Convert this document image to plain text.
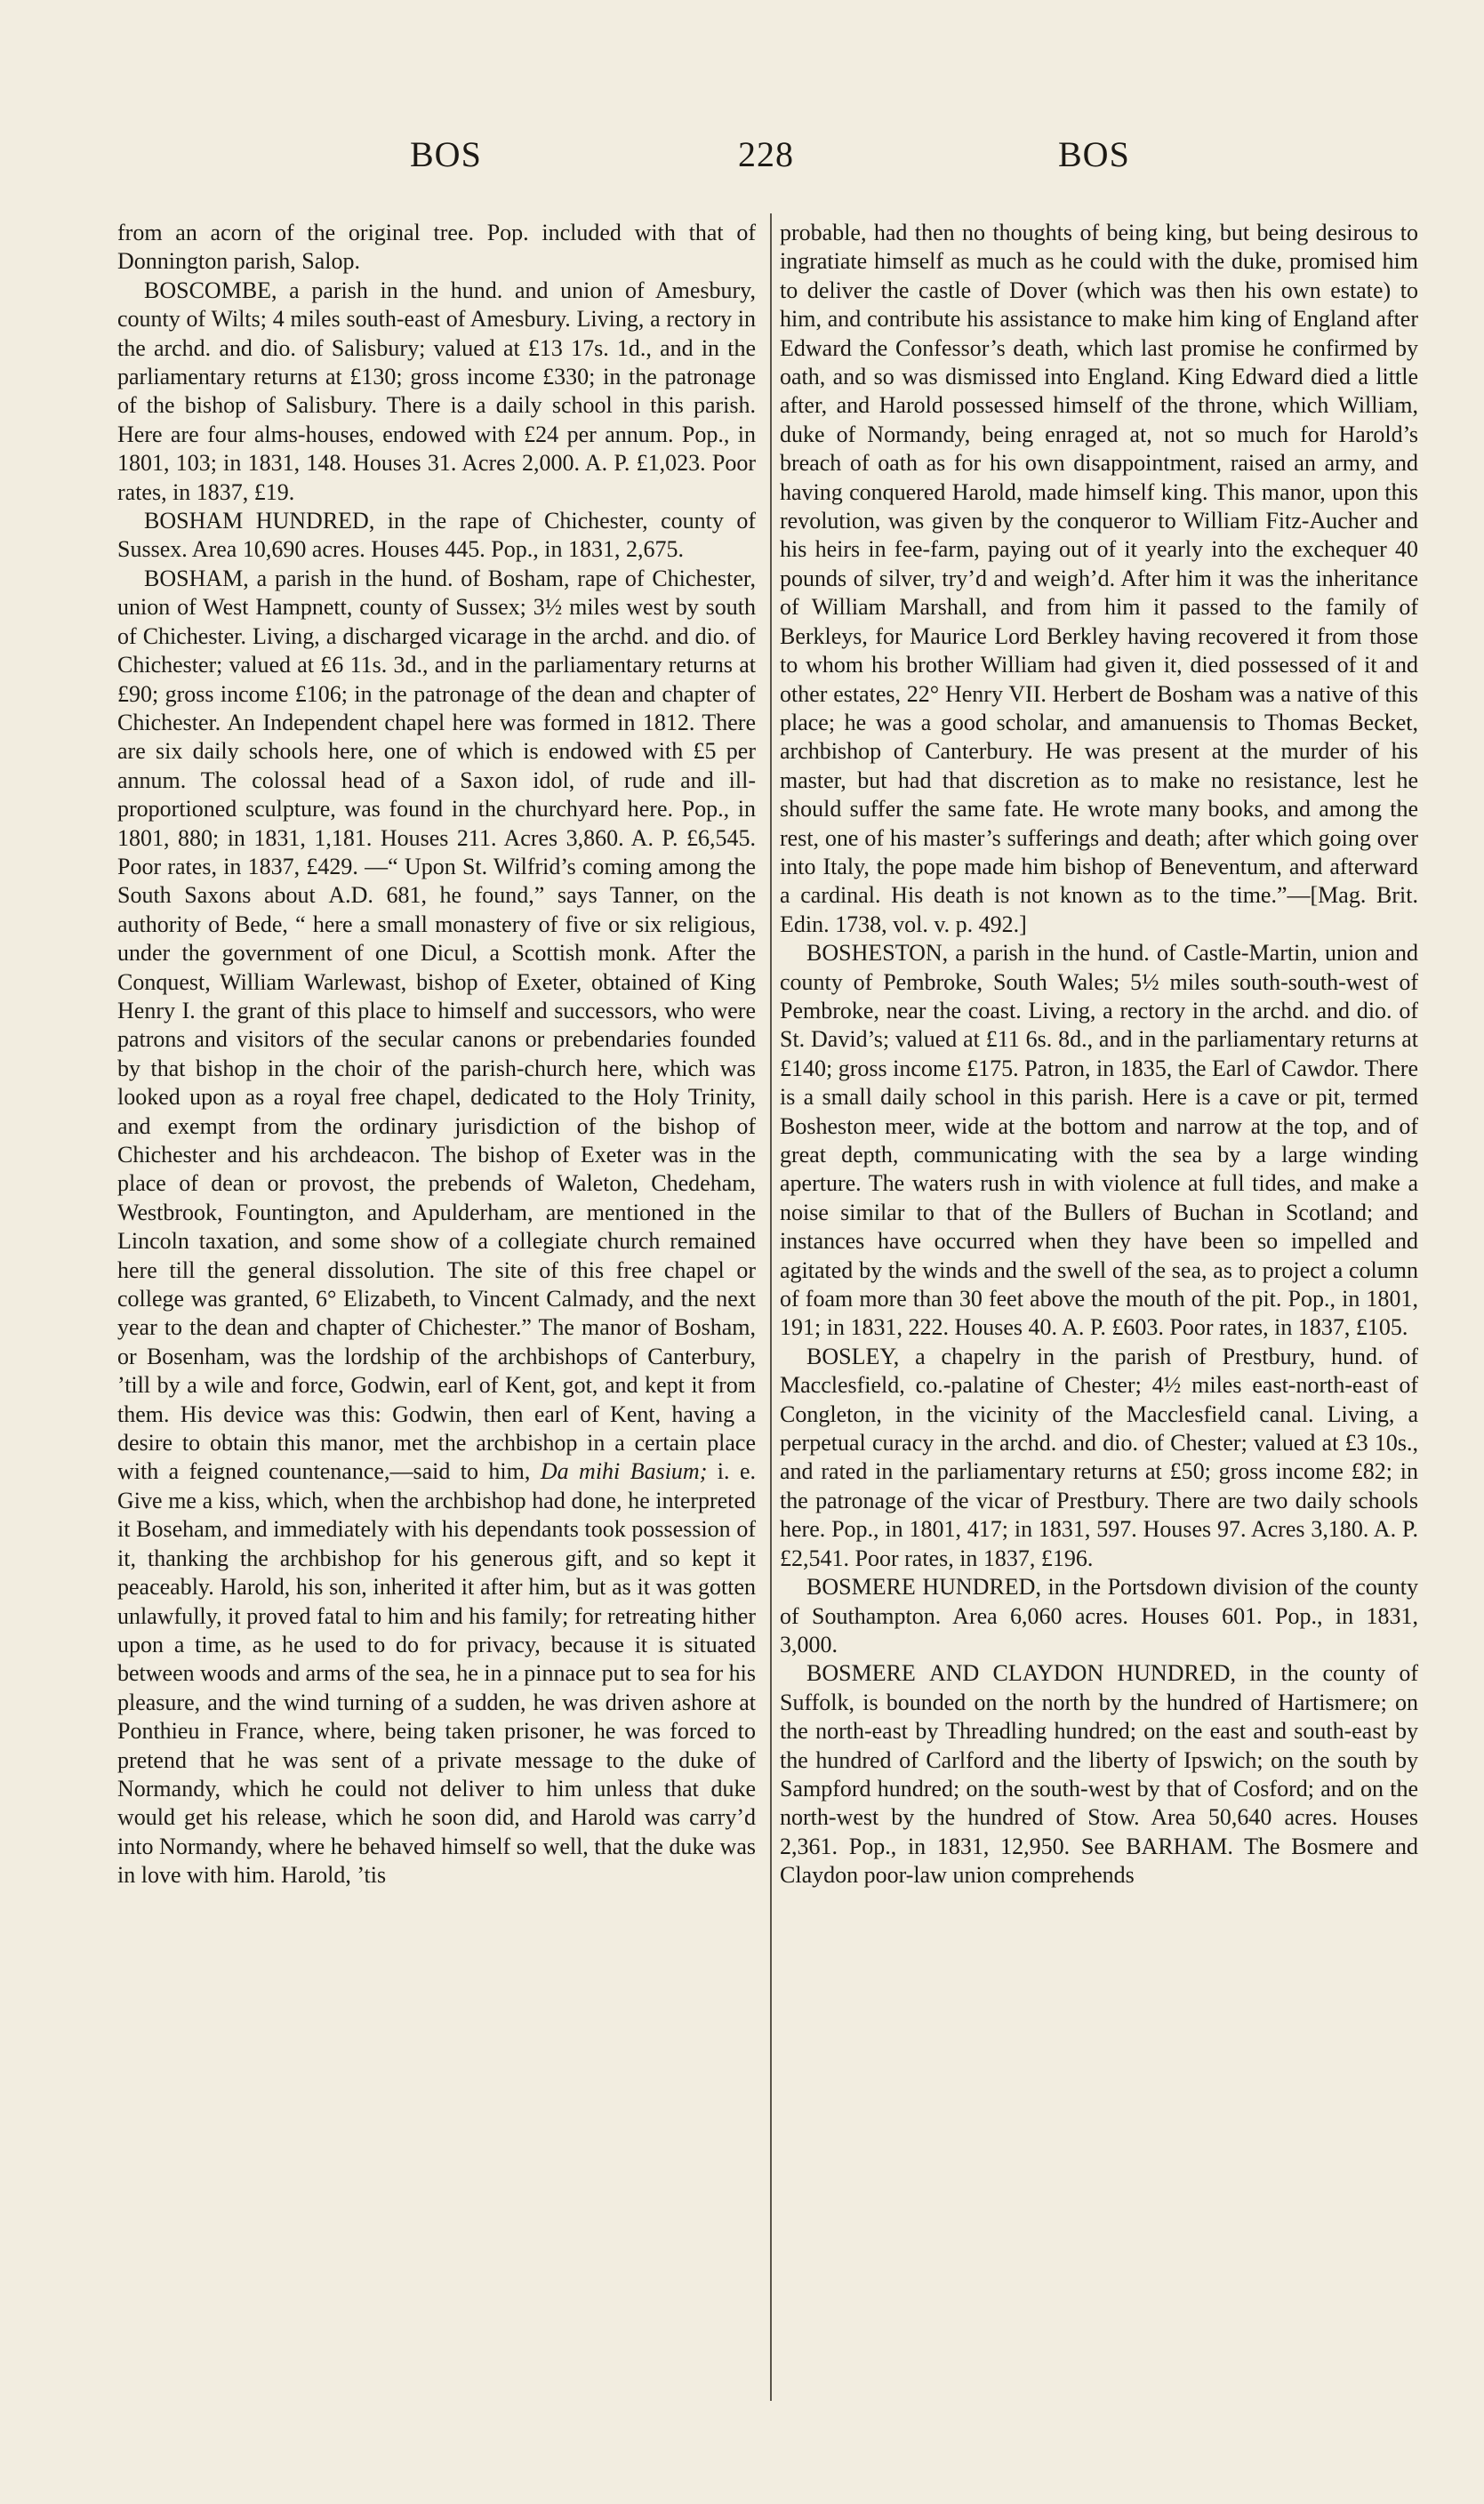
BOS	228	BOS

from an acorn of the original tree. Pop. included with that of Donnington parish, Salop.

BOSCOMBE, a parish in the hund. and union of Amesbury, county of Wilts; 4 miles south-east of Amesbury. Living, a rectory in the archd. and dio. of Salisbury; valued at £13 17s. 1d., and in the parliamentary returns at £130; gross income £330; in the patronage of the bishop of Salisbury. There is a daily school in this parish. Here are four alms-houses, endowed with £24 per annum. Pop., in 1801, 103; in 1831, 148. Houses 31. Acres 2,000. A. P. £1,023. Poor rates, in 1837, £19.

BOSHAM HUNDRED, in the rape of Chichester, county of Sussex. Area 10,690 acres. Houses 445. Pop., in 1831, 2,675.

BOSHAM, a parish in the hund. of Bosham, rape of Chichester, union of West Hampnett, county of Sussex; 3½ miles west by south of Chichester. Living, a discharged vicarage in the archd. and dio. of Chichester; valued at £6 11s. 3d., and in the parliamentary returns at £90; gross income £106; in the patronage of the dean and chapter of Chichester. An Independent chapel here was formed in 1812. There are six daily schools here, one of which is endowed with £5 per annum. The colossal head of a Saxon idol, of rude and ill-proportioned sculpture, was found in the churchyard here. Pop., in 1801, 880; in 1831, 1,181. Houses 211. Acres 3,860. A. P. £6,545. Poor rates, in 1837, £429. —“ Upon St. Wilfrid’s coming among the South Saxons about A.D. 681, he found,” says Tanner, on the authority of Bede, “ here a small monastery of five or six religious, under the government of one Dicul, a Scottish monk. After the Conquest, William Warlewast, bishop of Exeter, obtained of King Henry I. the grant of this place to himself and successors, who were patrons and visitors of the secular canons or prebendaries founded by that bishop in the choir of the parish-church here, which was looked upon as a royal free chapel, dedicated to the Holy Trinity, and exempt from the ordinary jurisdiction of the bishop of Chichester and his archdeacon. The bishop of Exeter was in the place of dean or provost, the prebends of Waleton, Chedeham, Westbrook, Fountington, and Apulderham, are mentioned in the Lincoln taxation, and some show of a collegiate church remained here till the general dissolution. The site of this free chapel or college was granted, 6° Elizabeth, to Vincent Calmady, and the next year to the dean and chapter of Chichester.” The manor of Bosham, or Bosenham, was the lordship of the archbishops of Canterbury, ’till by a wile and force, Godwin, earl of Kent, got, and kept it from them. His device was this: Godwin, then earl of Kent, having a desire to obtain this manor, met the archbishop in a certain place with a feigned countenance,—said to him, Da mihi Basium; i. e. Give me a kiss, which, when the archbishop had done, he interpreted it Boseham, and immediately with his dependants took possession of it, thanking the archbishop for his generous gift, and so kept it peaceably. Harold, his son, inherited it after him, but as it was gotten unlawfully, it proved fatal to him and his family; for retreating hither upon a time, as he used to do for privacy, because it is situated between woods and arms of the sea, he in a pinnace put to sea for his pleasure, and the wind turning of a sudden, he was driven ashore at Ponthieu in France, where, being taken prisoner, he was forced to pretend that he was sent of a private message to the duke of Normandy, which he could not deliver to him unless that duke would get his release, which he soon did, and Harold was carry’d into Normandy, where he behaved himself so well, that the duke was in love with him. Harold, ’tis

probable, had then no thoughts of being king, but being desirous to ingratiate himself as much as he could with the duke, promised him to deliver the castle of Dover (which was then his own estate) to him, and contribute his assistance to make him king of England after Edward the Confessor’s death, which last promise he confirmed by oath, and so was dismissed into England. King Edward died a little after, and Harold possessed himself of the throne, which William, duke of Normandy, being enraged at, not so much for Harold’s breach of oath as for his own disappointment, raised an army, and having conquered Harold, made himself king. This manor, upon this revolution, was given by the conqueror to William Fitz-Aucher and his heirs in fee-farm, paying out of it yearly into the exchequer 40 pounds of silver, try’d and weigh’d. After him it was the inheritance of William Marshall, and from him it passed to the family of Berkleys, for Maurice Lord Berkley having recovered it from those to whom his brother William had given it, died possessed of it and other estates, 22° Henry VII. Herbert de Bosham was a native of this place; he was a good scholar, and amanuensis to Thomas Becket, archbishop of Canterbury. He was present at the murder of his master, but had that discretion as to make no resistance, lest he should suffer the same fate. He wrote many books, and among the rest, one of his master’s sufferings and death; after which going over into Italy, the pope made him bishop of Beneventum, and afterward a cardinal. His death is not known as to the time.”—[Mag. Brit. Edin. 1738, vol. v. p. 492.]

BOSHESTON, a parish in the hund. of Castle-Martin, union and county of Pembroke, South Wales; 5½ miles south-south-west of Pembroke, near the coast. Living, a rectory in the archd. and dio. of St. David’s; valued at £11 6s. 8d., and in the parliamentary returns at £140; gross income £175. Patron, in 1835, the Earl of Cawdor. There is a small daily school in this parish. Here is a cave or pit, termed Bosheston meer, wide at the bottom and narrow at the top, and of great depth, communicating with the sea by a large winding aperture. The waters rush in with violence at full tides, and make a noise similar to that of the Bullers of Buchan in Scotland; and instances have occurred when they have been so impelled and agitated by the winds and the swell of the sea, as to project a column of foam more than 30 feet above the mouth of the pit. Pop., in 1801, 191; in 1831, 222. Houses 40. A. P. £603. Poor rates, in 1837, £105.

BOSLEY, a chapelry in the parish of Prestbury, hund. of Macclesfield, co.-palatine of Chester; 4½ miles east-north-east of Congleton, in the vicinity of the Macclesfield canal. Living, a perpetual curacy in the archd. and dio. of Chester; valued at £3 10s., and rated in the parliamentary returns at £50; gross income £82; in the patronage of the vicar of Prestbury. There are two daily schools here. Pop., in 1801, 417; in 1831, 597. Houses 97. Acres 3,180. A. P. £2,541. Poor rates, in 1837, £196.

BOSMERE HUNDRED, in the Portsdown division of the county of Southampton. Area 6,060 acres. Houses 601. Pop., in 1831, 3,000.

BOSMERE AND CLAYDON HUNDRED, in the county of Suffolk, is bounded on the north by the hundred of Hartismere; on the north-east by Threadling hundred; on the east and south-east by the hundred of Carlford and the liberty of Ipswich; on the south by Sampford hundred; on the south-west by that of Cosford; and on the north-west by the hundred of Stow. Area 50,640 acres. Houses 2,361. Pop., in 1831, 12,950. See BARHAM. The Bosmere and Claydon poor-law union comprehends
